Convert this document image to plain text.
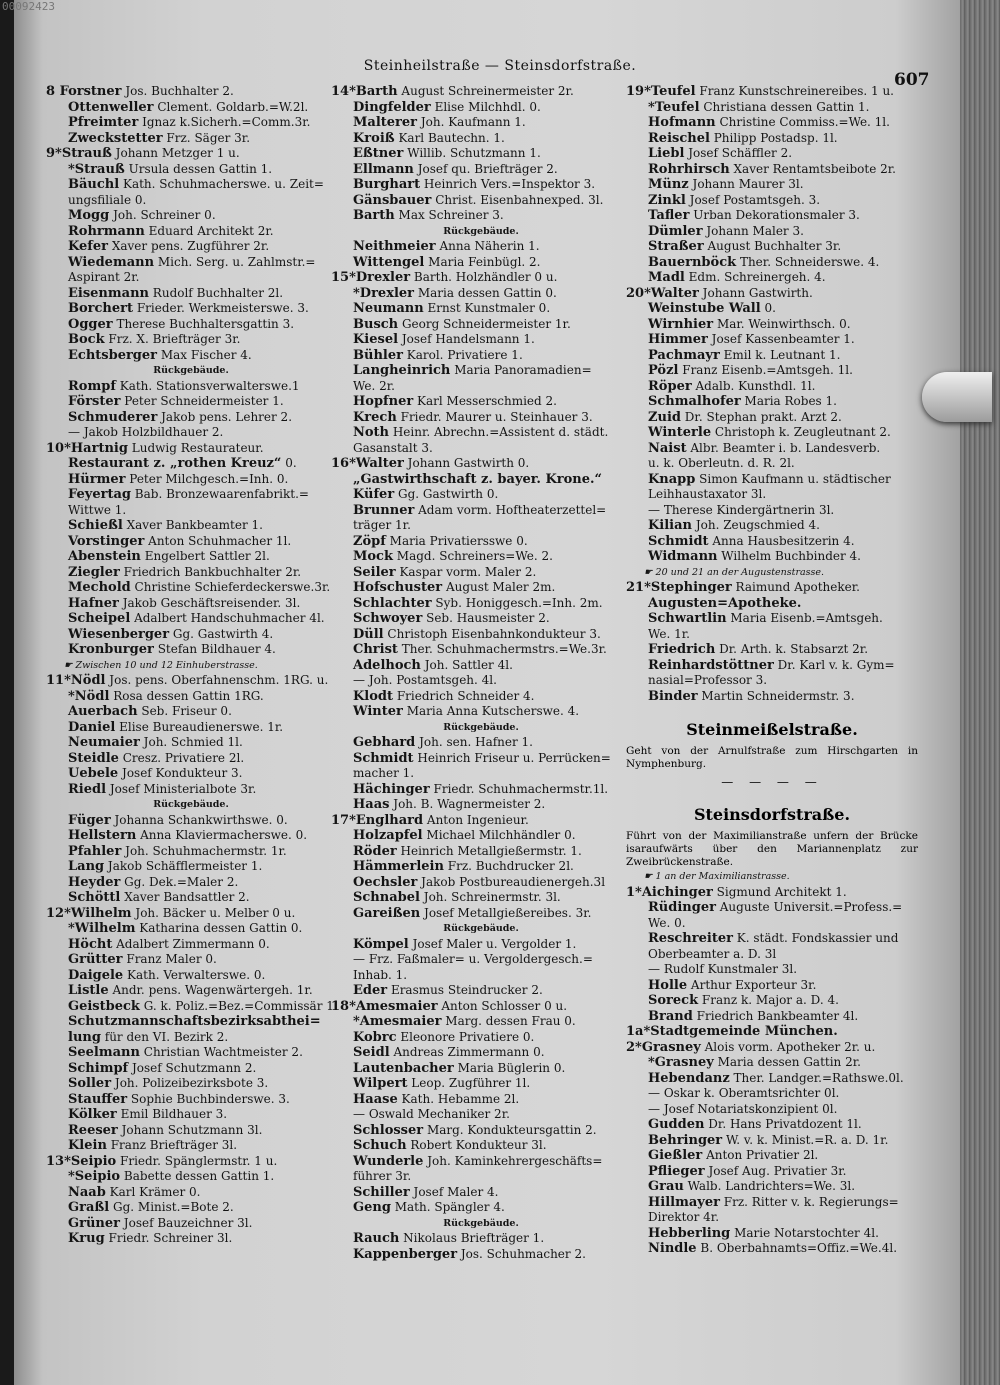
00092423
Steinheilstraße — Steinsdorfstraße.
607
8 Forstner Jos. Buchhalter 2.
Ottenweller Clement. Goldarb.=W.2l.
Pfreimter Ignaz k.Sicherh.=Comm.3r.
Zweckstetter Frz. Säger 3r.
9*Strauß Johann Metzger 1 u.
*Strauß Ursula dessen Gattin 1.
Bäuchl Kath. Schuhmacherswe. u. Zeit=
ungsfiliale 0.
Mogg Joh. Schreiner 0.
Rohrmann Eduard Architekt 2r.
Kefer Xaver pens. Zugführer 2r.
Wiedemann Mich. Serg. u. Zahlmstr.=
Aspirant 2r.
Eisenmann Rudolf Buchhalter 2l.
Borchert Frieder. Werkmeisterswe. 3.
Ogger Therese Buchhaltersgattin 3.
Bock Frz. X. Briefträger 3r.
Echtsberger Max Fischer 4.
Rückgebäude.
Rompf Kath. Stationsverwalterswe.1
Förster Peter Schneidermeister 1.
Schmuderer Jakob pens. Lehrer 2.
— Jakob Holzbildhauer 2.
10*Hartnig Ludwig Restaurateur.
Restaurant z. „rothen Kreuz“ 0.
Hürmer Peter Milchgesch.=Inh. 0.
Feyertag Bab. Bronzewaarenfabrikt.=
Wittwe 1.
Schießl Xaver Bankbeamter 1.
Vorstinger Anton Schuhmacher 1l.
Abenstein Engelbert Sattler 2l.
Ziegler Friedrich Bankbuchhalter 2r.
Mechold Christine Schieferdeckerswe.3r.
Hafner Jakob Geschäftsreisender. 3l.
Scheipel Adalbert Handschuhmacher 4l.
Wiesenberger Gg. Gastwirth 4.
Kronburger Stefan Bildhauer 4.
☛ Zwischen 10 und 12 Einhuberstrasse.
11*Nödl Jos. pens. Oberfahnenschm. 1RG. u.
*Nödl Rosa dessen Gattin 1RG.
Auerbach Seb. Friseur 0.
Daniel Elise Bureaudienerswe. 1r.
Neumaier Joh. Schmied 1l.
Steidle Cresz. Privatiere 2l.
Uebele Josef Kondukteur 3.
Riedl Josef Ministerialbote 3r.
Rückgebäude.
Füger Johanna Schankwirthswe. 0.
Hellstern Anna Klaviermacherswe. 0.
Pfahler Joh. Schuhmachermstr. 1r.
Lang Jakob Schäfflermeister 1.
Heyder Gg. Dek.=Maler 2.
Schöttl Xaver Bandsattler 2.
12*Wilhelm Joh. Bäcker u. Melber 0 u.
*Wilhelm Katharina dessen Gattin 0.
Höcht Adalbert Zimmermann 0.
Grütter Franz Maler 0.
Daigele Kath. Verwalterswe. 0.
Listle Andr. pens. Wagenwärtergeh. 1r.
Geistbeck G. k. Poliz.=Bez.=Commissär 1.
Schutzmannschaftsbezirksabthei=
lung für den VI. Bezirk 2.
Seelmann Christian Wachtmeister 2.
Schimpf Josef Schutzmann 2.
Soller Joh. Polizeibezirksbote 3.
Stauffer Sophie Buchbinderswe. 3.
Kölker Emil Bildhauer 3.
Reeser Johann Schutzmann 3l.
Klein Franz Briefträger 3l.
13*Seipio Friedr. Spänglermstr. 1 u.
*Seipio Babette dessen Gattin 1.
Naab Karl Krämer 0.
Graßl Gg. Minist.=Bote 2.
Grüner Josef Bauzeichner 3l.
Krug Friedr. Schreiner 3l.
14*Barth August Schreinermeister 2r.
Dingfelder Elise Milchhdl. 0.
Malterer Joh. Kaufmann 1.
Kroiß Karl Bautechn. 1.
Eßtner Willib. Schutzmann 1.
Ellmann Josef qu. Briefträger 2.
Burghart Heinrich Vers.=Inspektor 3.
Gänsbauer Christ. Eisenbahnexped. 3l.
Barth Max Schreiner 3.
Rückgebäude.
Neithmeier Anna Näherin 1.
Wittengel Maria Feinbügl. 2.
15*Drexler Barth. Holzhändler 0 u.
*Drexler Maria dessen Gattin 0.
Neumann Ernst Kunstmaler 0.
Busch Georg Schneidermeister 1r.
Kiesel Josef Handelsmann 1.
Bühler Karol. Privatiere 1.
Langheinrich Maria Panoramadien=
We. 2r.
Hopfner Karl Messerschmied 2.
Krech Friedr. Maurer u. Steinhauer 3.
Noth Heinr. Abrechn.=Assistent d. städt.
Gasanstalt 3.
16*Walter Johann Gastwirth 0.
„Gastwirthschaft z. bayer. Krone.“
Küfer Gg. Gastwirth 0.
Brunner Adam vorm. Hoftheaterzettel=
träger 1r.
Zöpf Maria Privatiersswe 0.
Mock Magd. Schreiners=We. 2.
Seiler Kaspar vorm. Maler 2.
Hofschuster August Maler 2m.
Schlachter Syb. Honiggesch.=Inh. 2m.
Schwoyer Seb. Hausmeister 2.
Düll Christoph Eisenbahnkondukteur 3.
Christ Ther. Schuhmachermstrs.=We.3r.
Adelhoch Joh. Sattler 4l.
— Joh. Postamtsgeh. 4l.
Klodt Friedrich Schneider 4.
Winter Maria Anna Kutscherswe. 4.
Rückgebäude.
Gebhard Joh. sen. Hafner 1.
Schmidt Heinrich Friseur u. Perrücken=
macher 1.
Hächinger Friedr. Schuhmachermstr.1l.
Haas Joh. B. Wagnermeister 2.
17*Englhard Anton Ingenieur.
Holzapfel Michael Milchhändler 0.
Röder Heinrich Metallgießermstr. 1.
Hämmerlein Frz. Buchdrucker 2l.
Oechsler Jakob Postbureaudienergeh.3l
Schnabel Joh. Schreinermstr. 3l.
Gareißen Josef Metallgießereibes. 3r.
Rückgebäude.
Kömpel Josef Maler u. Vergolder 1.
— Frz. Faßmaler= u. Vergoldergesch.=
Inhab. 1.
Eder Erasmus Steindrucker 2.
18*Amesmaier Anton Schlosser 0 u.
*Amesmaier Marg. dessen Frau 0.
Kobrc Eleonore Privatiere 0.
Seidl Andreas Zimmermann 0.
Lautenbacher Maria Büglerin 0.
Wilpert Leop. Zugführer 1l.
Haase Kath. Hebamme 2l.
— Oswald Mechaniker 2r.
Schlosser Marg. Kondukteursgattin 2.
Schuch Robert Kondukteur 3l.
Wunderle Joh. Kaminkehrergeschäfts=
führer 3r.
Schiller Josef Maler 4.
Geng Math. Spängler 4.
Rückgebäude.
Rauch Nikolaus Briefträger 1.
Kappenberger Jos. Schuhmacher 2.
19*Teufel Franz Kunstschreinereibes. 1 u.
*Teufel Christiana dessen Gattin 1.
Hofmann Christine Commiss.=We. 1l.
Reischel Philipp Postadsp. 1l.
Liebl Josef Schäffler 2.
Rohrhirsch Xaver Rentamtsbeibote 2r.
Münz Johann Maurer 3l.
Zinkl Josef Postamtsgeh. 3.
Tafler Urban Dekorationsmaler 3.
Dümler Johann Maler 3.
Straßer August Buchhalter 3r.
Bauernböck Ther. Schneiderswe. 4.
Madl Edm. Schreinergeh. 4.
20*Walter Johann Gastwirth.
Weinstube Wall 0.
Wirnhier Mar. Weinwirthsch. 0.
Himmer Josef Kassenbeamter 1.
Pachmayr Emil k. Leutnant 1.
Pözl Franz Eisenb.=Amtsgeh. 1l.
Röper Adalb. Kunsthdl. 1l.
Schmalhofer Maria Robes 1.
Zuid Dr. Stephan prakt. Arzt 2.
Winterle Christoph k. Zeugleutnant 2.
Naist Albr. Beamter i. b. Landesverb.
u. k. Oberleutn. d. R. 2l.
Knapp Simon Kaufmann u. städtischer
Leihhaustaxator 3l.
— Therese Kindergärtnerin 3l.
Kilian Joh. Zeugschmied 4.
Schmidt Anna Hausbesitzerin 4.
Widmann Wilhelm Buchbinder 4.
☛ 20 und 21 an der Augustenstrasse.
21*Stephinger Raimund Apotheker.
Augusten=Apotheke.
Schwartlin Maria Eisenb.=Amtsgeh.
We. 1r.
Friedrich Dr. Arth. k. Stabsarzt 2r.
Reinhardstöttner Dr. Karl v. k. Gym=
nasial=Professor 3.
Binder Martin Schneidermstr. 3.
Steinmeißelstraße.
Geht von der Arnulfstraße zum Hirschgarten in Nymphenburg.
— — — —
Steinsdorfstraße.
Führt von der Maximilianstraße unfern der Brücke isaraufwärts über den Mariannenplatz zur Zweibrückenstraße.
☛ 1 an der Maximilianstrasse.
1*Aichinger Sigmund Architekt 1.
Rüdinger Auguste Universit.=Profess.=
We. 0.
Reschreiter K. städt. Fondskassier und
Oberbeamter a. D. 3l
— Rudolf Kunstmaler 3l.
Holle Arthur Exporteur 3r.
Soreck Franz k. Major a. D. 4.
Brand Friedrich Bankbeamter 4l.
1a*Stadtgemeinde München.
2*Grasney Alois vorm. Apotheker 2r. u.
*Grasney Maria dessen Gattin 2r.
Hebendanz Ther. Landger.=Rathswe.0l.
— Oskar k. Oberamtsrichter 0l.
— Josef Notariatskonzipient 0l.
Gudden Dr. Hans Privatdozent 1l.
Behringer W. v. k. Minist.=R. a. D. 1r.
Gießler Anton Privatier 2l.
Pflieger Josef Aug. Privatier 3r.
Grau Walb. Landrichters=We. 3l.
Hillmayer Frz. Ritter v. k. Regierungs=
Direktor 4r.
Hebberling Marie Notarstochter 4l.
Nindle B. Oberbahnamts=Offiz.=We.4l.
